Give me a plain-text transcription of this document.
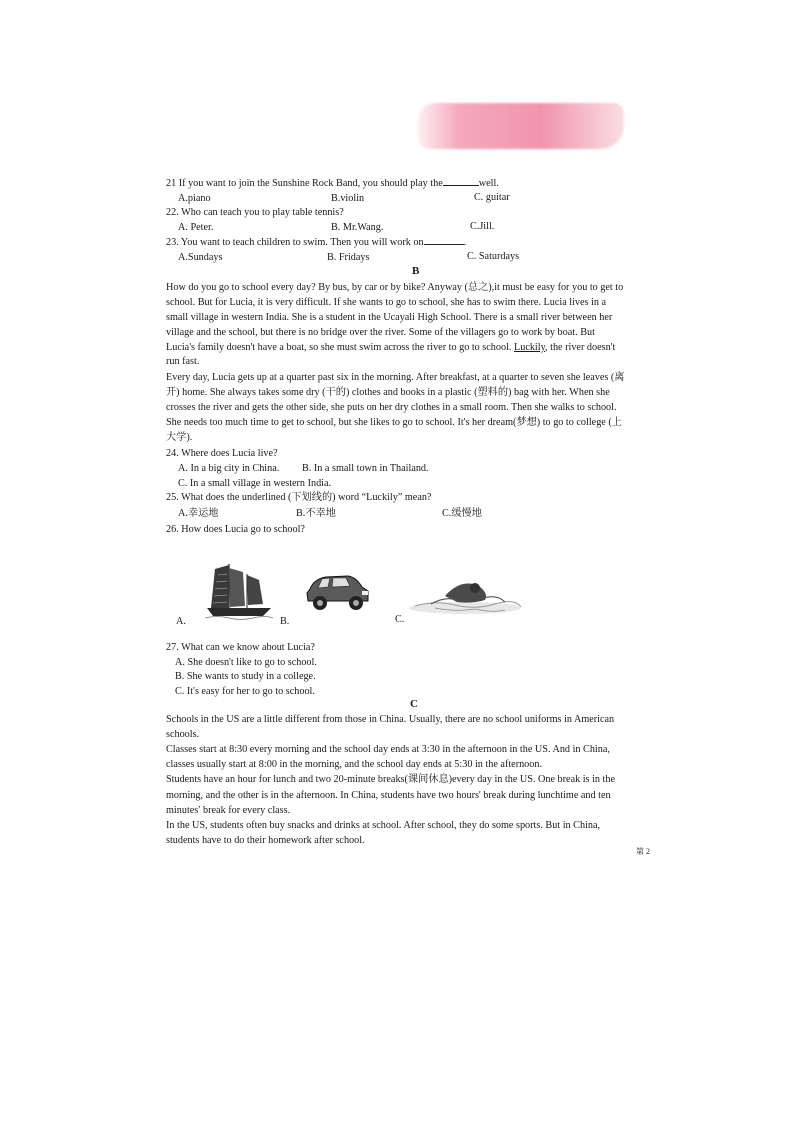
21 If you want to join the Sunshine Rock Band, you should play the	well.
A.piano	B.violin	C. guitar
22. Who can teach you to play table tennis?
A. Peter.	B. Mr.Wang.	C.Jill.
23. You want to teach children to swim. Then you will work on	.
A.Sundays	B. Fridays	C. Saturdays
B
How do you go to school every day? By bus, by car or by bike? Anyway (总之),it must be easy for you to get to
school. But for Lucia, it is very difficult. If she wants to go to school, she has to swim there. Lucia lives in a
small village in western India. She is a student in the Ucayali High School. There is a small river between her
village and the school, but there is no bridge over the river. Some of the villagers go to work by boat. But
Lucia's family doesn't have a boat, so she must swim across the river to go to school. Luckily, the river doesn't
run fast.
Every day, Lucia gets up at a quarter past six in the morning. After breakfast, at a quarter to seven she leaves (离
开) home. She always takes some dry (干的) clothes and books in a plastic (塑料的) bag with her. When she
crosses the river and gets the other side, she puts on her dry clothes in a small room. Then she walks to school.
She needs too much time to get to school, but she likes to go to school. It's her dream(梦想) to go to college (上
大学).
24. Where does Lucia live?
A. In a big city in China. B. In a small town in Thailand.
C. In a small village in western India.
25. What does the underlined (下划线的) word “Luckily” mean?
A.幸运地	B.不幸地	C.缓慢地
26. How does Lucia go to school?
A.	B.	C.
27. What can we know about Lucia?
A. She doesn't like to go to school.
B. She wants to study in a college.
C. It's easy for her to go to school.
C
Schools in the US are a little different from those in China. Usually, there are no school uniforms in American
schools.
Classes start at 8:30 every morning and the school day ends at 3:30 in the afternoon in the US. And in China,
classes usually start at 8:00 in the morning, and the school day ends at 5:30 in the afternoon.
Students have an hour for lunch and two 20-minute breaks(课间休息)every day in the US. One break is in the
morning, and the other is in the afternoon. In China, students have two hours' break during lunchtime and ten
minutes′ break for every class.
In the US, students often buy snacks and drinks at school. After school, they do some sports. But in China,
students have to do their homework after school.
第 2
